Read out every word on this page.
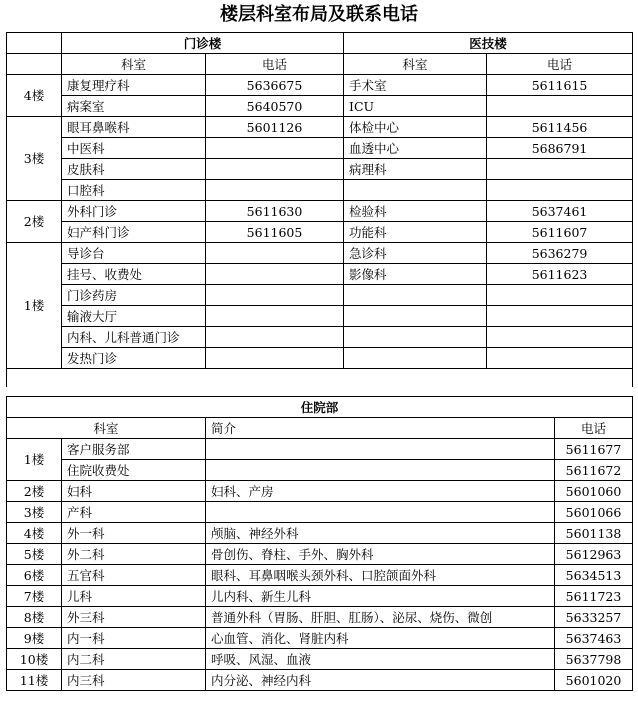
楼层科室布局及联系电话
	门诊楼		医技楼	
	科室	电话	科室	电话
4楼	康复理疗科	5636675	手术室	5611615
	病案室	5640570	ICU	
3楼	眼耳鼻喉科	5601126	体检中心	5611456
	中医科		血透中心	5686791
	皮肤科		病理科	
	口腔科			
2楼	外科门诊	5611630	检验科	5637461
	妇产科门诊	5611605	功能科	5611607
1楼	导诊台		急诊科	5636279
	挂号、收费处		影像科	5611623
	门诊药房			
	输液大厅			
	内科、儿科普通门诊			
	发热门诊			

住院部			
科室		简介	电话
1楼	客户服务部		5611677
	住院收费处		5611672
2楼	妇科	妇科、产房	5601060
3楼	产科		5601066
4楼	外一科	颅脑、神经外科	5601138
5楼	外二科	骨创伤、脊柱、手外、胸外科	5612963
6楼	五官科	眼科、耳鼻咽喉头颈外科、口腔颌面外科	5634513
7楼	儿科	儿内科、新生儿科	5611723
8楼	外三科	普通外科（胃肠、肝胆、肛肠）、泌尿、烧伤、微创	5633257
9楼	内一科	心血管、消化、肾脏内科	5637463
10楼	内二科	呼吸、风湿、血液	5637798
11楼	内三科	内分泌、神经内科	5601020
